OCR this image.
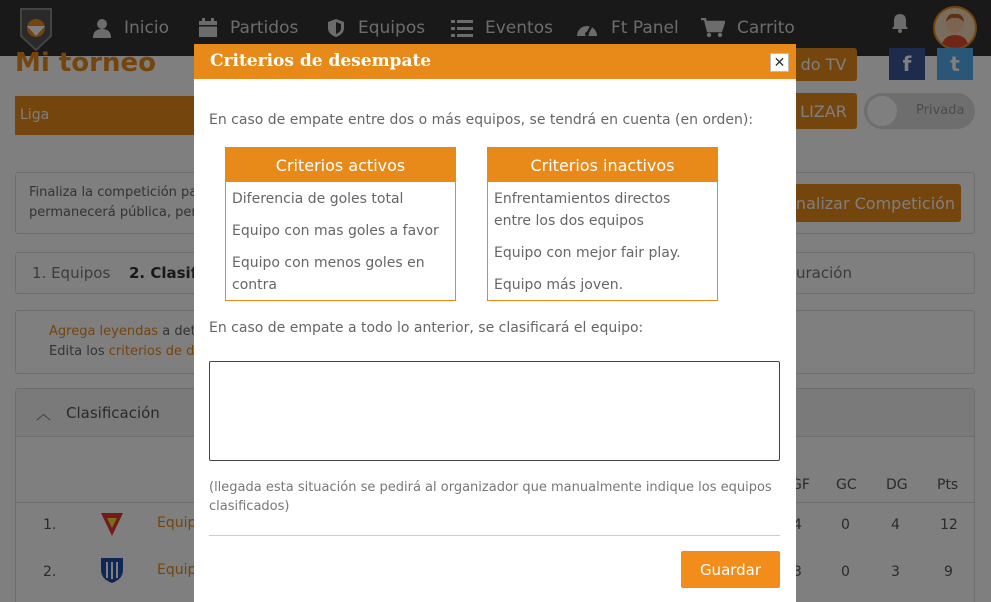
Criterios de desempate	✕
En caso de empate entre dos o más equipos, se tendrá en cuenta (en orden):
Criterios activos
Diferencia de goles total
Equipo con mas goles a favor
Equipo con menos goles en contra
Criterios inactivos
Enfrentamientos directos entre los dos equipos
Equipo con mejor fair play.
Equipo más joven.
En caso de empate a todo lo anterior, se clasificará el equipo:
(llegada esta situación se pedirá al organizador que manualmente indique los equipos clasificados)
Guardar
